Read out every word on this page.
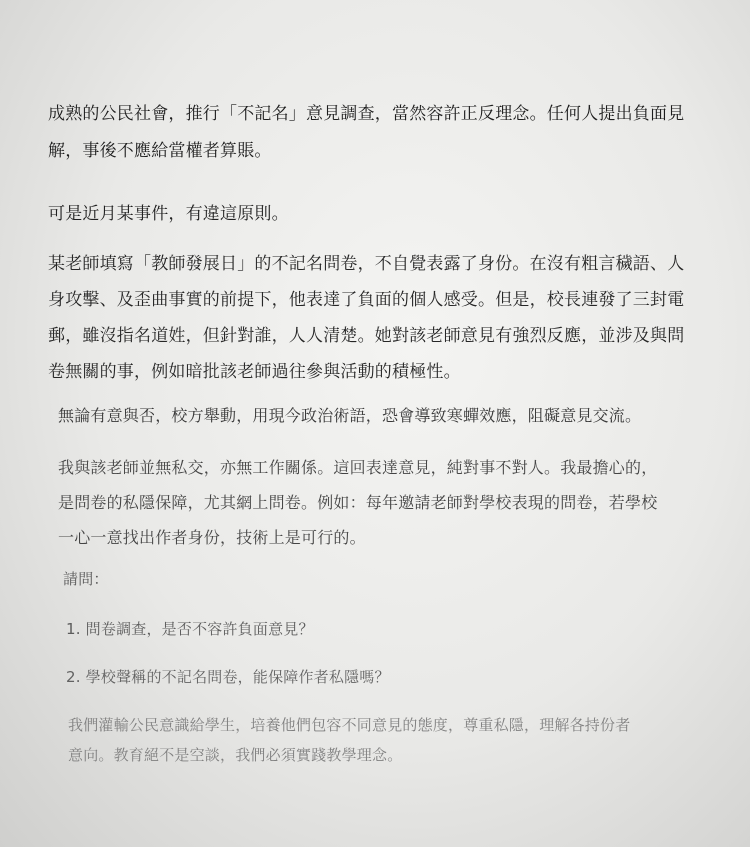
成熟的公民社會，推行「不記名」意見調查，當然容許正反理念。任何人提出負面見
解，事後不應給當權者算賬。

可是近月某事件，有違這原則。

某老師填寫「教師發展日」的不記名問卷，不自覺表露了身份。在沒有粗言穢語、人
身攻擊、及歪曲事實的前提下，他表達了負面的個人感受。但是，校長連發了三封電
郵，雖沒指名道姓，但針對誰，人人清楚。她對該老師意見有強烈反應，並涉及與問
卷無關的事，例如暗批該老師過往參與活動的積極性。

無論有意與否，校方舉動，用現今政治術語，恐會導致寒蟬效應，阻礙意見交流。

我與該老師並無私交，亦無工作關係。這回表達意見，純對事不對人。我最擔心的，
是問卷的私隱保障，尤其網上問卷。例如：每年邀請老師對學校表現的問卷，若學校
一心一意找出作者身份，技術上是可行的。

請問：

1. 問卷調查，是否不容許負面意見？

2. 學校聲稱的不記名問卷，能保障作者私隱嗎？

我們灌輸公民意識給學生，培養他們包容不同意見的態度，尊重私隱，理解各持份者
意向。教育絕不是空談，我們必須實踐教學理念。
